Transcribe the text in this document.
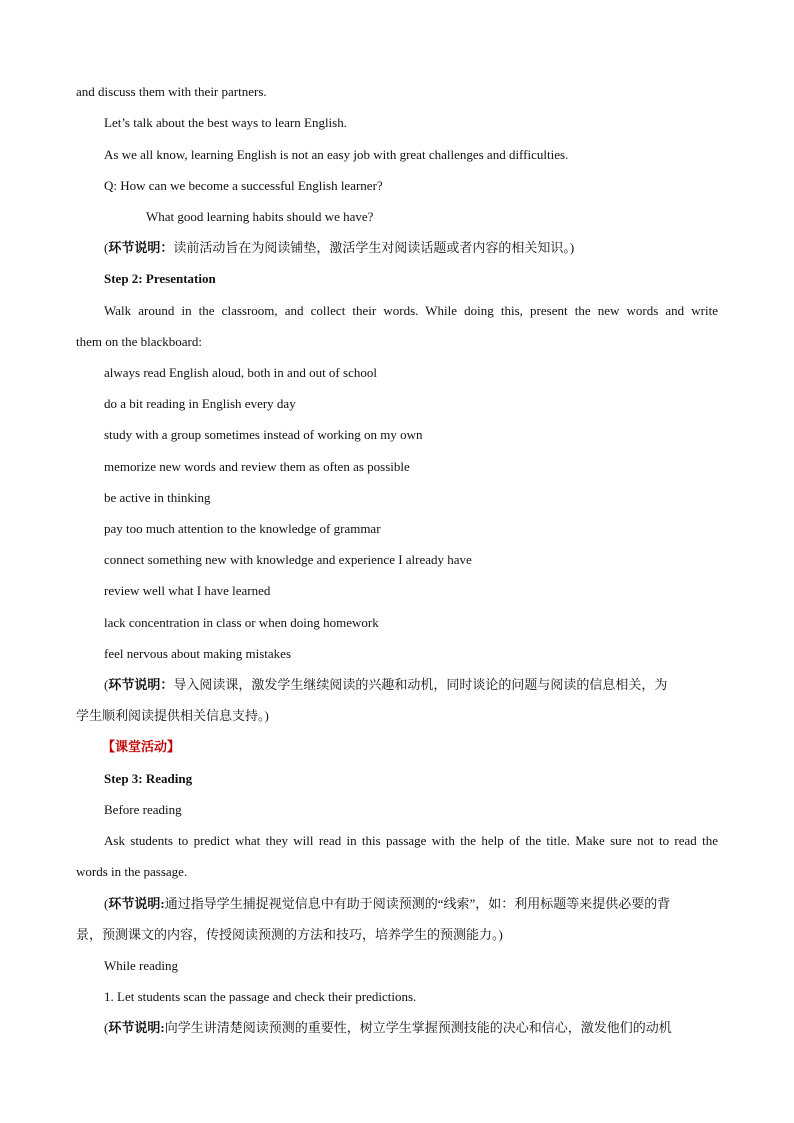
and discuss them with their partners.
Let’s talk about the best ways to learn English.
As we all know, learning English is not an easy job with great challenges and difficulties.
Q: How can we become a successful English learner?
What good learning habits should we have?
(环节说明：读前活动旨在为阅读铺垫，激活学生对阅读话题或者内容的相关知识。)
Step 2: Presentation
Walk around in the classroom, and collect their words. While doing this, present the new words and write
them on the blackboard:
always read English aloud, both in and out of school
do a bit reading in English every day
study with a group sometimes instead of working on my own
memorize new words and review them as often as possible
be active in thinking
pay too much attention to the knowledge of grammar
connect something new with knowledge and experience I already have
review well what I have learned
lack concentration in class or when doing homework
feel nervous about making mistakes
(环节说明：导入阅读课，激发学生继续阅读的兴趣和动机，同时谈论的问题与阅读的信息相关，为
学生顺利阅读提供相关信息支持。)
【课堂活动】
Step 3: Reading
Before reading
Ask students to predict what they will read in this passage with the help of the title. Make sure not to read the
words in the passage.
(环节说明:通过指导学生捕捉视觉信息中有助于阅读预测的“线索”，如：利用标题等来提供必要的背
景，预测课文的内容，传授阅读预测的方法和技巧，培养学生的预测能力。)
While reading
1. Let students scan the passage and check their predictions.
(环节说明:向学生讲清楚阅读预测的重要性，树立学生掌握预测技能的决心和信心，激发他们的动机
